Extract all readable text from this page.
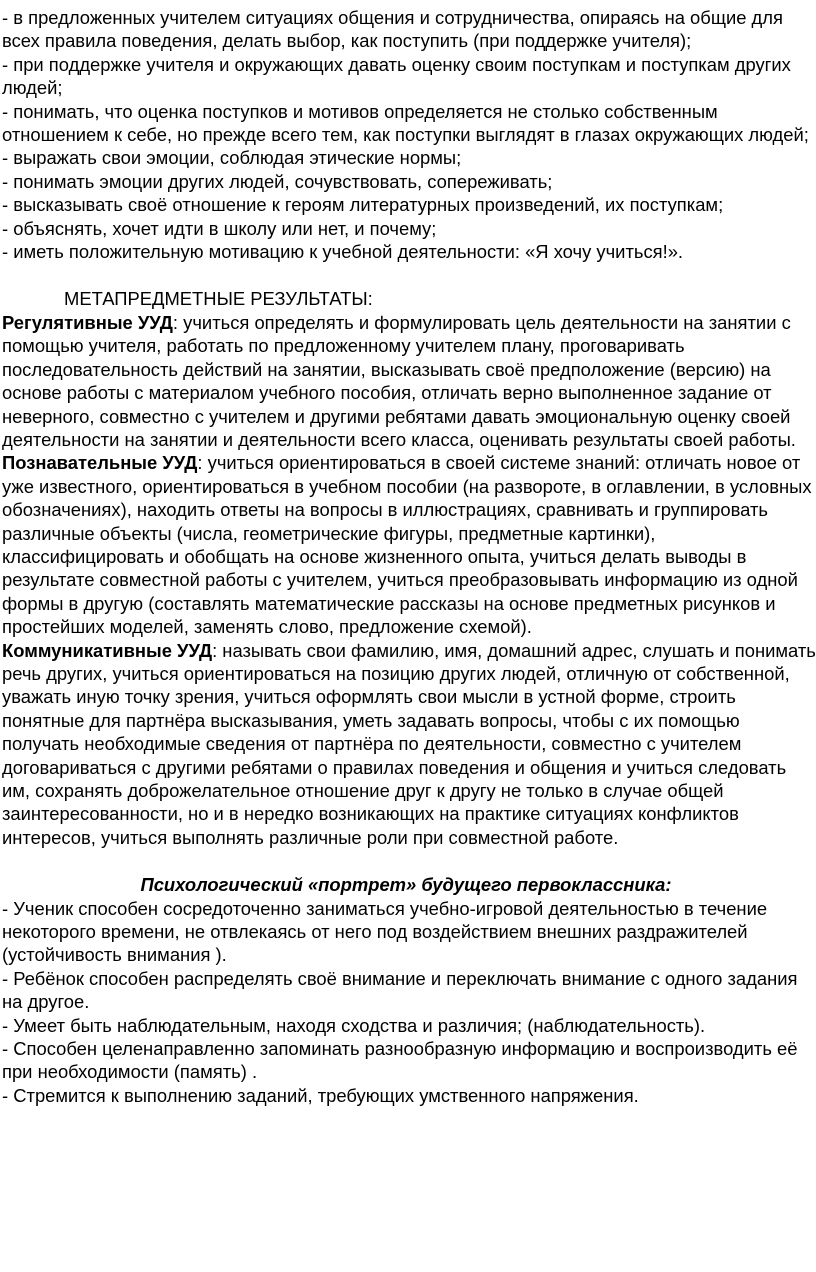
- в предложенных учителем ситуациях общения и сотрудничества, опираясь на общие для всех правила поведения, делать выбор, как поступить (при поддержке учителя);

- при поддержке учителя и окружающих давать оценку своим поступкам и поступкам других людей;

- понимать, что оценка поступков и мотивов определяется не столько собственным отношением к себе, но прежде всего тем, как поступки выглядят в глазах окружающих людей;

- выражать свои эмоции, соблюдая этические нормы;

- понимать эмоции других людей, сочувствовать, сопереживать;

- высказывать своё отношение к героям литературных произведений, их поступкам;

- объяснять, хочет идти в школу или нет, и почему;

- иметь положительную мотивацию к учебной деятельности: «Я хочу учиться!».

МЕТАПРЕДМЕТНЫЕ РЕЗУЛЬТАТЫ:

Регулятивные УУД: учиться определять и формулировать цель деятельности на занятии с помощью учителя, работать по предложенному учителем плану, проговаривать последовательность действий на занятии, высказывать своё предположение (версию) на основе работы с материалом учебного пособия, отличать верно выполненное задание от неверного, совместно с учителем и другими ребятами давать эмоциональную оценку своей деятельности на занятии и деятельности всего класса, оценивать результаты своей работы.

Познавательные УУД: учиться ориентироваться в своей системе знаний: отличать новое от уже известного, ориентироваться в учебном пособии (на развороте, в оглавлении, в условных обозначениях), находить ответы на вопросы в иллюстрациях, сравнивать и группировать различные объекты (числа, геометрические фигуры, предметные картинки), классифицировать и обобщать на основе жизненного опыта, учиться делать выводы в результате совместной работы с учителем, учиться преобразовывать информацию из одной формы в другую (составлять математические рассказы на основе предметных рисунков и простейших моделей, заменять слово, предложение схемой).

Коммуникативные УУД: называть свои фамилию, имя, домашний адрес, слушать и понимать речь других, учиться ориентироваться на позицию других людей, отличную от собственной, уважать иную точку зрения, учиться оформлять свои мысли в устной форме, строить понятные для партнёра высказывания, уметь задавать вопросы, чтобы с их помощью получать необходимые сведения от партнёра по деятельности, совместно с учителем договариваться с другими ребятами о правилах поведения и общения и учиться следовать им, сохранять доброжелательное отношение друг к другу не только в случае общей заинтересованности, но и в нередко возникающих на практике ситуациях конфликтов интересов, учиться выполнять различные роли при совместной работе.

Психологический «портрет» будущего первоклассника:

- Ученик способен сосредоточенно заниматься учебно-игровой деятельностью в течение некоторого времени, не отвлекаясь от него под воздействием внешних раздражителей (устойчивость внимания ).

- Ребёнок способен распределять своё внимание и переключать внимание с одного задания на другое.

- Умеет быть наблюдательным, находя сходства и различия; (наблюдательность).

- Способен целенаправленно запоминать разнообразную информацию и воспроизводить её при необходимости (память) .

- Стремится к выполнению заданий, требующих умственного напряжения.
